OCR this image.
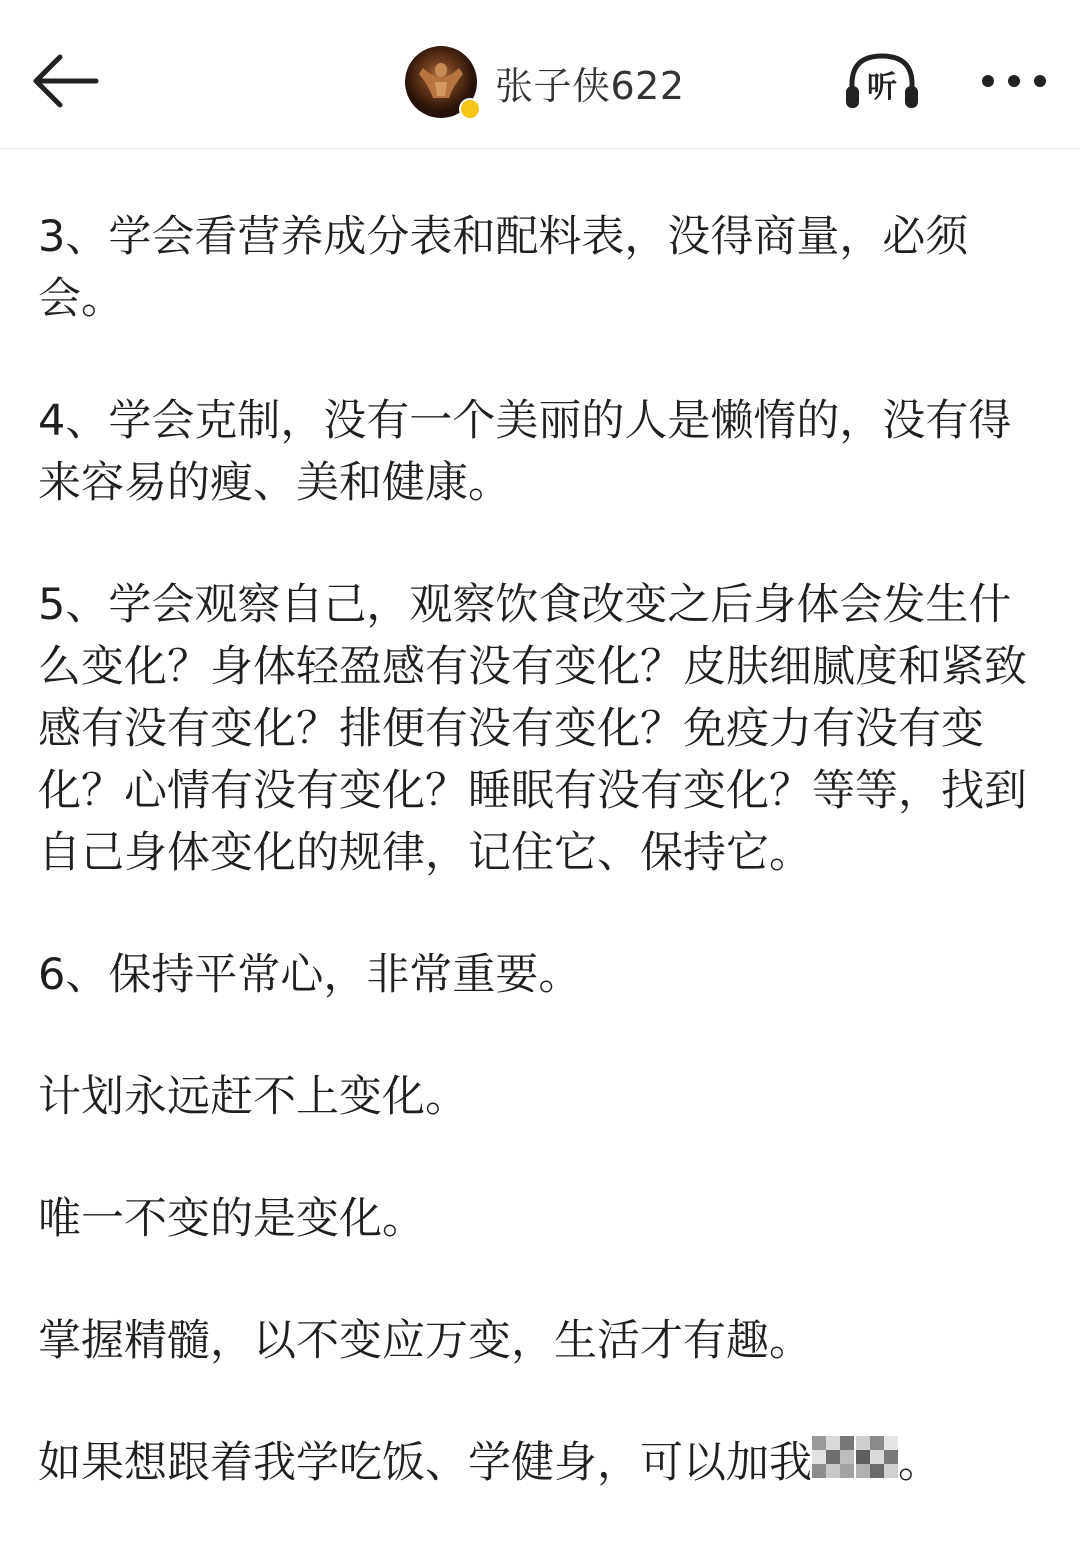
张子侠622	听

3、学会看营养成分表和配料表，没得商量，必须会。

4、学会克制，没有一个美丽的人是懒惰的，没有得来容易的瘦、美和健康。

5、学会观察自己，观察饮食改变之后身体会发生什么变化？身体轻盈感有没有变化？皮肤细腻度和紧致感有没有变化？排便有没有变化？免疫力有没有变化？心情有没有变化？睡眠有没有变化？等等，找到自己身体变化的规律，记住它、保持它。

6、保持平常心，非常重要。

计划永远赶不上变化。

唯一不变的是变化。

掌握精髓，以不变应万变，生活才有趣。

如果想跟着我学吃饭、学健身，可以加我 。
